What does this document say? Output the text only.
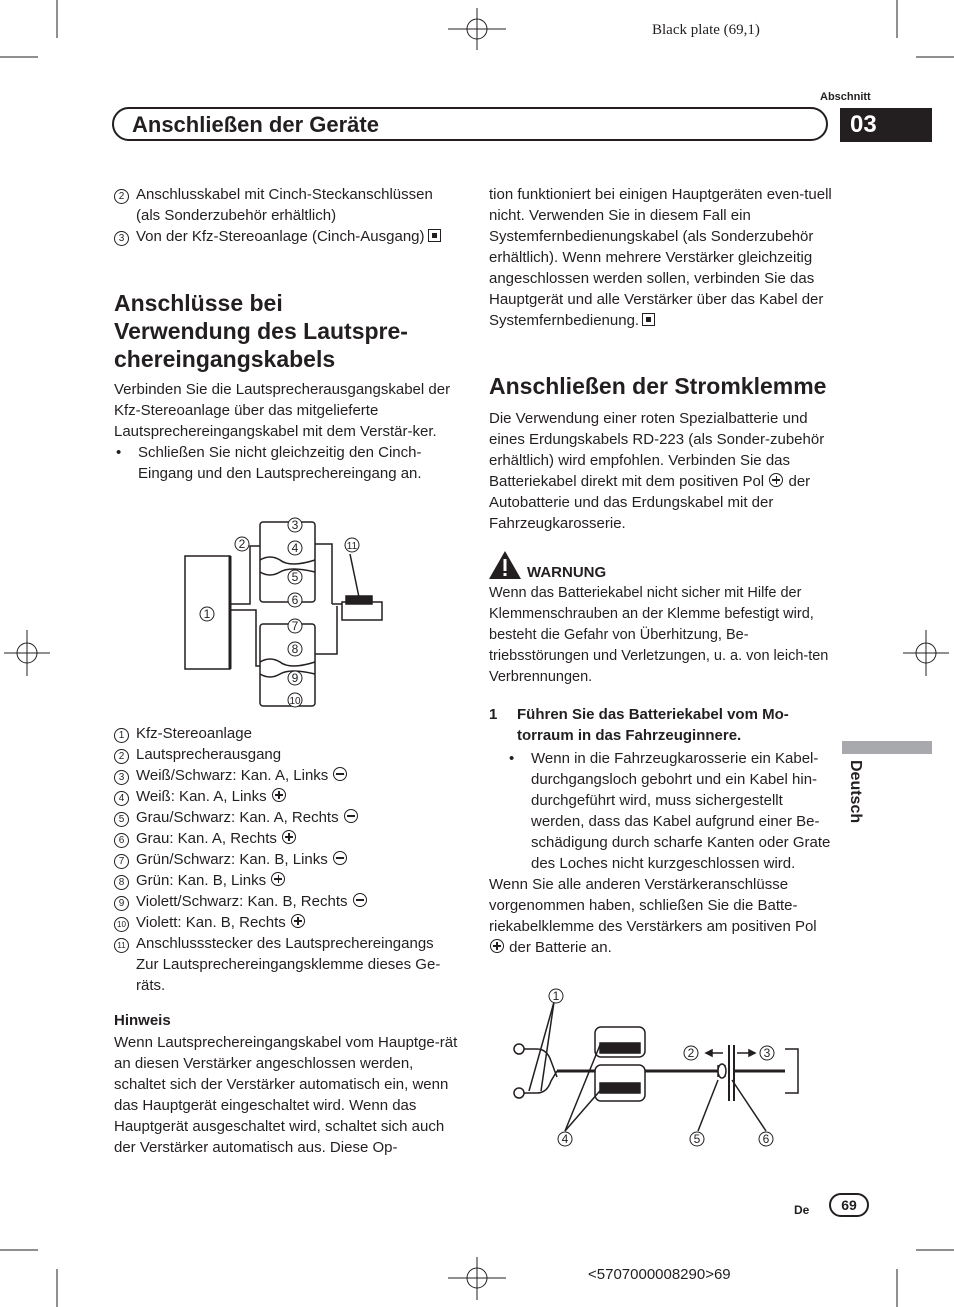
Black plate (69,1)
Abschnitt
Anschließen der Geräte	03
Deutsch
2 Anschlusskabel mit Cinch-Steckanschlüssen (als Sonderzubehör erhältlich)
3 Von der Kfz-Stereoanlage (Cinch-Ausgang)
Anschlüsse bei
Verwendung des Lautspre-
chereingangskabels

Verbinden Sie die Lautsprecherausgangskabel der Kfz-Stereoanlage über das mitgelieferte Lautsprechereingangskabel mit dem Verstär-ker.

•	Schließen Sie nicht gleichzeitig den Cinch-Eingang und den Lautsprechereingang an.
1
2
3
4
5
6
7
8
9
10
11
1 Kfz-Stereoanlage
2 Lautsprecherausgang
3 Weiß/Schwarz: Kan. A, Links
4 Weiß: Kan. A, Links
5 Grau/Schwarz: Kan. A, Rechts
6 Grau: Kan. A, Rechts
7 Grün/Schwarz: Kan. B, Links
8 Grün: Kan. B, Links
9 Violett/Schwarz: Kan. B, Rechts
10 Violett: Kan. B, Rechts
11 Anschlussstecker des Lautsprechereingangs Zur Lautsprechereingangsklemme dieses Ge-räts.

Hinweis

Wenn Lautsprechereingangskabel vom Hauptge-rät an diesen Verstärker angeschlossen werden, schaltet sich der Verstärker automatisch ein, wenn das Hauptgerät eingeschaltet wird. Wenn das Hauptgerät ausgeschaltet wird, schaltet sich auch der Verstärker automatisch aus. Diese Op-

tion funktioniert bei einigen Hauptgeräten even-tuell nicht. Verwenden Sie in diesem Fall ein Systemfernbedienungskabel (als Sonderzubehör erhältlich). Wenn mehrere Verstärker gleichzeitig angeschlossen werden sollen, verbinden Sie das Hauptgerät und alle Verstärker über das Kabel der Systemfernbedienung.

Anschließen der Stromklemme

Die Verwendung einer roten Spezialbatterie und eines Erdungskabels RD-223 (als Sonder-zubehör erhältlich) wird empfohlen. Verbinden Sie das Batteriekabel direkt mit dem positiven Pol der Autobatterie und das Erdungskabel mit der Fahrzeugkarosserie.

WARNUNG
Wenn das Batteriekabel nicht sicher mit Hilfe der Klemmenschrauben an der Klemme befestigt wird, besteht die Gefahr von Überhitzung, Be-triebsstörungen und Verletzungen, u. a. von leich-ten Verbrennungen.
1	Führen Sie das Batteriekabel vom Mo-torraum in das Fahrzeuginnere.
•	Wenn in die Fahrzeugkarosserie ein Kabel-durchgangsloch gebohrt und ein Kabel hin-durchgeführt wird, muss sichergestellt werden, dass das Kabel aufgrund einer Be-schädigung durch scharfe Kanten oder Grate des Loches nicht kurzgeschlossen wird.

Wenn Sie alle anderen Verstärkeranschlüsse vorgenommen haben, schließen Sie die Batte-riekabelklemme des Verstärkers am positiven Pol  der Batterie an.

1
2	3
4	5	6
De	69
<5707000008290>69
